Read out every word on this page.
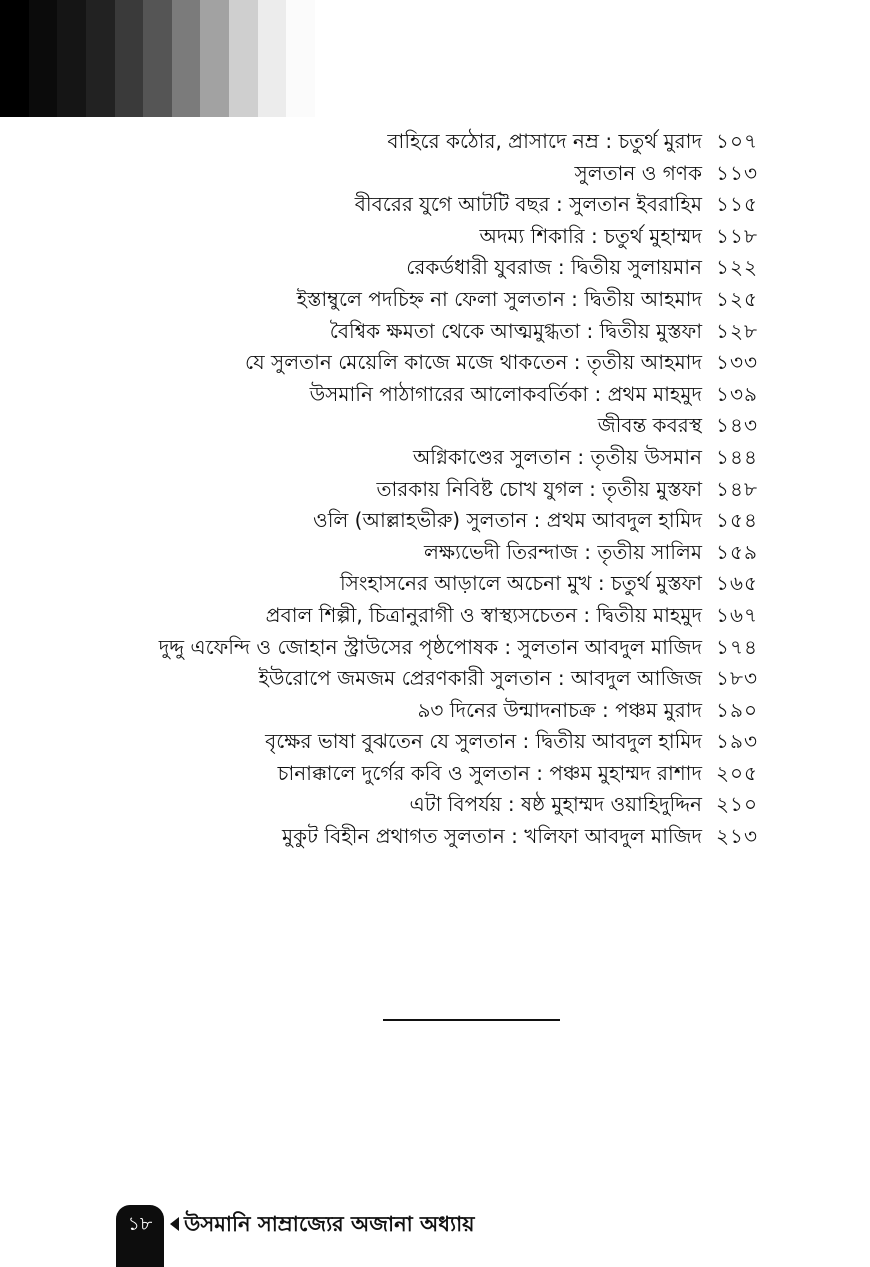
বাহিরে কঠোর, প্রাসাদে নম্র : চতুর্থ মুরাদ ১০৭
সুলতান ও গণক ১১৩
বীবরের যুগে আটটি বছর : সুলতান ইবরাহিম ১১৫
অদম্য শিকারি : চতুর্থ মুহাম্মদ ১১৮
রেকর্ডধারী যুবরাজ : দ্বিতীয় সুলায়মান ১২২
ইস্তাম্বুলে পদচিহ্ন না ফেলা সুলতান : দ্বিতীয় আহমাদ ১২৫
বৈশ্বিক ক্ষমতা থেকে আত্মমুগ্ধতা : দ্বিতীয় মুস্তফা ১২৮
যে সুলতান মেয়েলি কাজে মজে থাকতেন : তৃতীয় আহমাদ ১৩৩
উসমানি পাঠাগারের আলোকবর্তিকা : প্রথম মাহমুদ ১৩৯
জীবন্ত কবরস্থ ১৪৩
অগ্নিকাণ্ডের সুলতান : তৃতীয় উসমান ১৪৪
তারকায় নিবিষ্ট চোখ যুগল : তৃতীয় মুস্তফা ১৪৮
ওলি (আল্লাহভীরু) সুলতান : প্রথম আবদুল হামিদ ১৫৪
লক্ষ্যভেদী তিরন্দাজ : তৃতীয় সালিম ১৫৯
সিংহাসনের আড়ালে অচেনা মুখ : চতুর্থ মুস্তফা ১৬৫
প্রবাল শিল্পী, চিত্রানুরাগী ও স্বাস্থ্যসচেতন : দ্বিতীয় মাহমুদ ১৬৭
দুদ্দু এফেন্দি ও জোহান স্ট্রাউসের পৃষ্ঠপোষক : সুলতান আবদুল মাজিদ ১৭৪
ইউরোপে জমজম প্রেরণকারী সুলতান : আবদুল আজিজ ১৮৩
৯৩ দিনের উন্মাদনাচক্র : পঞ্চম মুরাদ ১৯০
বৃক্ষের ভাষা বুঝতেন যে সুলতান : দ্বিতীয় আবদুল হামিদ ১৯৩
চানাক্কালে দুর্গের কবি ও সুলতান : পঞ্চম মুহাম্মদ রাশাদ ২০৫
এটা বিপর্যয় : ষষ্ঠ মুহাম্মদ ওয়াহিদুদ্দিন ২১০
মুকুট বিহীন প্রথাগত সুলতান : খলিফা আবদুল মাজিদ ২১৩
১৮	উসমানি সাম্রাজ্যের অজানা অধ্যায়
